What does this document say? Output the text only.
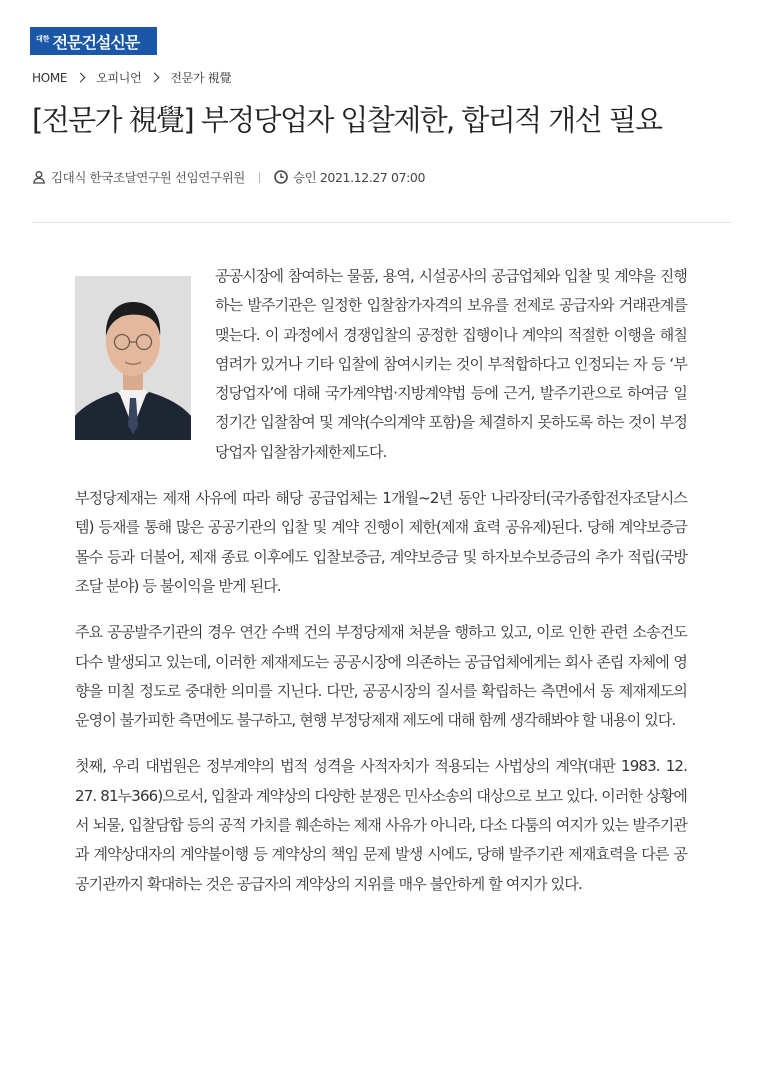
대한 전문건설신문
HOME 오피니언 전문가 視覺
[전문가 視覺] 부정당업자 입찰제한, 합리적 개선 필요
김대식 한국조달연구원 선임연구위원	승인 2021.12.27 07:00

공공시장에 참여하는 물품, 용역, 시설공사의 공급업체와 입찰 및 계약을 진행하는 발주기관은 일정한 입찰참가자격의 보유를 전제로 공급자와 거래관계를 맺는다. 이 과정에서 경쟁입찰의 공정한 집행이나 계약의 적절한 이행을 해칠 염려가 있거나 기타 입찰에 참여시키는 것이 부적합하다고 인정되는 자 등 ‘부정당업자’에 대해 국가계약법·지방계약법 등에 근거, 발주기관으로 하여금 일정기간 입찰참여 및 계약(수의계약 포함)을 체결하지 못하도록 하는 것이 부정당업자 입찰참가제한제도다.

부정당제재는 제재 사유에 따라 해당 공급업체는 1개월~2년 동안 나라장터(국가종합전자조달시스템) 등재를 통해 많은 공공기관의 입찰 및 계약 진행이 제한(제재 효력 공유제)된다. 당해 계약보증금 몰수 등과 더불어, 제재 종료 이후에도 입찰보증금, 계약보증금 및 하자보수보증금의 추가 적립(국방조달 분야) 등 불이익을 받게 된다.

주요 공공발주기관의 경우 연간 수백 건의 부정당제재 처분을 행하고 있고, 이로 인한 관련 소송건도 다수 발생되고 있는데, 이러한 제재제도는 공공시장에 의존하는 공급업체에게는 회사 존립 자체에 영향을 미칠 정도로 중대한 의미를 지닌다. 다만, 공공시장의 질서를 확립하는 측면에서 동 제재제도의 운영이 불가피한 측면에도 불구하고, 현행 부정당제재 제도에 대해 함께 생각해봐야 할 내용이 있다.

첫째, 우리 대법원은 정부계약의 법적 성격을 사적자치가 적용되는 사법상의 계약(대판 1983. 12. 27. 81누366)으로서, 입찰과 계약상의 다양한 분쟁은 민사소송의 대상으로 보고 있다. 이러한 상황에서 뇌물, 입찰담합 등의 공적 가치를 훼손하는 제재 사유가 아니라, 다소 다툼의 여지가 있는 발주기관과 계약상대자의 계약불이행 등 계약상의 책임 문제 발생 시에도, 당해 발주기관 제재효력을 다른 공공기관까지 확대하는 것은 공급자의 계약상의 지위를 매우 불안하게 할 여지가 있다.
